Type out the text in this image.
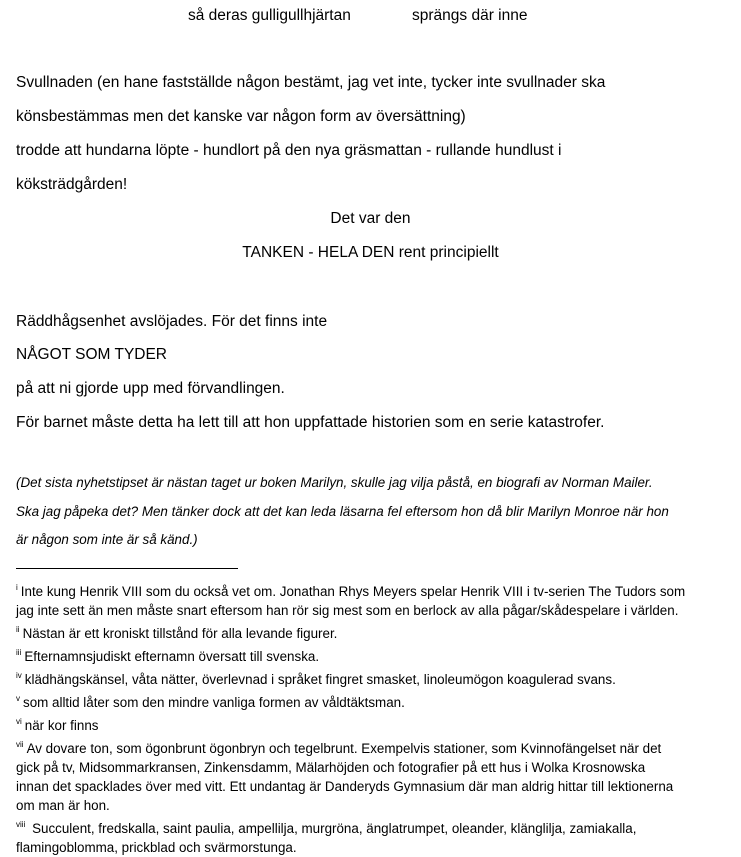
så deras gulligullhjärtan	sprängs där inne
Svullnaden (en hane fastställde någon bestämt, jag vet inte, tycker inte svullnader ska
könsbestämmas men det kanske var någon form av översättning)
trodde att hundarna löpte - hundlort på den nya gräsmattan - rullande hundlust i
köksträdgården!
Det var den
TANKEN - HELA DEN rent principiellt
Räddhågsenhet avslöjades. För det finns inte
NÅGOT SOM TYDER
på att ni gjorde upp med förvandlingen.
För barnet måste detta ha lett till att hon uppfattade historien som en serie katastrofer.
(Det sista nyhetstipset är nästan taget ur boken Marilyn, skulle jag vilja påstå, en biografi av Norman Mailer.
Ska jag påpeka det? Men tänker dock att det kan leda läsarna fel eftersom hon då blir Marilyn Monroe när hon
är någon som inte är så känd.)
$^i$ Inte kung Henrik VIII som du också vet om. Jonathan Rhys Meyers spelar Henrik VIII i tv-serien The Tudors som
jag inte sett än men måste snart eftersom han rör sig mest som en berlock av alla pågar/skådespelare i världen.
$^{ii}$ Nästan är ett kroniskt tillstånd för alla levande figurer.
$^{iii}$ Efternamnsjudiskt efternamn översatt till svenska.
$^{iv}$ klädhängskänsel, våta nätter, överlevnad i språket fingret smasket, linoleumögon koagulerad svans.
$^v$ som alltid låter som den mindre vanliga formen av våldtäktsman.
$^{vi}$ när kor finns
$^{vii}$ Av dovare ton, som ögonbrunt ögonbryn och tegelbrunt. Exempelvis stationer, som Kvinnofängelset när det
gick på tv, Midsommarkransen, Zinkensdamm, Mälarhöjden och fotografier på ett hus i Wolka Krosnowska
innan det spacklades över med vitt. Ett undantag är Danderyds Gymnasium där man aldrig hittar till lektionerna
om man är hon.
$^{viii}$ Succulent, fredskalla, saint paulia, ampellilja, murgröna, änglatrumpet, oleander, klänglilja, zamiakalla,
flamingoblomma, prickblad och svärmorstunga.
